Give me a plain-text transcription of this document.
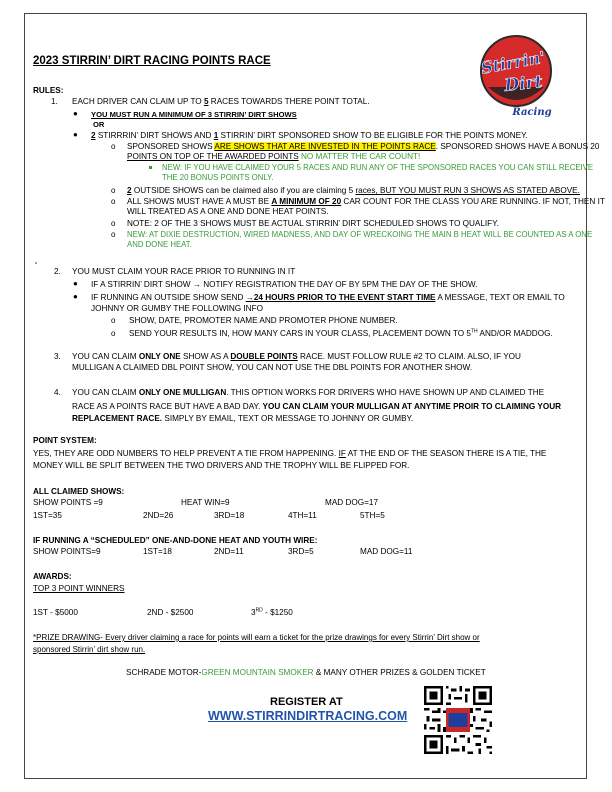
2023 STIRRIN’ DIRT RACING POINTS RACE	Stirrin'
Dirt
Racing
RULES:
1. EACH DRIVER CAN CLAIM UP TO 5 RACES TOWARDS THERE POINT TOTAL.
● YOU MUST RUN A MINIMUM OF 3 STIRRIN’ DIRT SHOWS
OR
● 2 STIRRRIN’ DIRT SHOWS AND 1 STIRRIN’ DIRT SPONSORED SHOW TO BE ELIGIBLE FOR THE POINTS MONEY.
o SPONSORED SHOWS ARE SHOWS THAT ARE INVESTED IN THE POINTS RACE. SPONSORED SHOWS HAVE A BONUS 20
POINTS ON TOP OF THE AWARDED POINTS NO MATTER THE CAR COUNT!
NEW: IF YOU HAVE CLAIMED YOUR 5 RACES AND RUN ANY OF THE SPONSORED RACES YOU CAN STILL RECEIVE
THE 20 BONUS POINTS ONLY.
o 2 OUTSIDE SHOWS can be claimed also if you are claiming 5 races, BUT YOU MUST RUN 3 SHOWS AS STATED ABOVE.
o ALL SHOWS MUST HAVE A MUST BE A MINIMUM OF 20 CAR COUNT FOR THE CLASS YOU ARE RUNNING. IF NOT, THEN IT
WILL TREATED AS A ONE AND DONE HEAT POINTS.
o NOTE: 2 OF THE 3 SHOWS MUST BE ACTUAL STIRRIN’ DIRT SCHEDULED SHOWS TO QUALIFY.
o NEW: AT DIXIE DESTRUCTION, WIRED MADNESS, AND DAY OF WRECKOING THE MAIN B HEAT WILL BE COUNTED AS A ONE
AND DONE HEAT.
s
2. YOU MUST CLAIM YOUR RACE PRIOR TO RUNNING IN IT
● IF A STIRRIN’ DIRT SHOW → NOTIFY REGISTRATION THE DAY OF BY 5PM THE DAY OF THE SHOW.
● IF RUNNING AN OUTSIDE SHOW SEND →24 HOURS PRIOR TO THE EVENT START TIME A MESSAGE, TEXT OR EMAIL TO
JOHNNY OR GUMBY THE FOLLOWING INFO
o SHOW, DATE, PROMOTER NAME AND PROMOTER PHONE NUMBER.
o SEND YOUR RESULTS IN, HOW MANY CARS IN YOUR CLASS, PLACEMENT DOWN TO 5TH AND/OR MADDOG.
3. YOU CAN CLAIM ONLY ONE SHOW AS A DOUBLE POINTS RACE. MUST FOLLOW RULE #2 TO CLAIM. ALSO, IF YOU
MULLIGAN A CLAIMED DBL POINT SHOW, YOU CAN NOT USE THE DBL POINTS FOR ANOTHER SHOW.
4. YOU CAN CLAIM ONLY ONE MULLIGAN. THIS OPTION WORKS FOR DRIVERS WHO HAVE SHOWN UP AND CLAIMED THE
RACE AS A POINTS RACE BUT HAVE A BAD DAY. YOU CAN CLAIM YOUR MULLIGAN AT ANYTIME PROIR TO CLAIMING YOUR
REPLACEMENT RACE. SIMPLY BY EMAIL, TEXT OR MESSAGE TO JOHNNY OR GUMBY.
POINT SYSTEM:
YES, THEY ARE ODD NUMBERS TO HELP PREVENT A TIE FROM HAPPENING. IF AT THE END OF THE SEASON THERE IS A TIE, THE
MONEY WILL BE SPLIT BETWEEN THE TWO DRIVERS AND THE TROPHY WILL BE FLIPPED FOR.
ALL CLAIMED SHOWS:
SHOW POINTS =9	HEAT WIN=9	MAD DOG=17
1ST=35	2ND=26	3RD=18	4TH=11	5TH=5
IF RUNNING A “SCHEDULED” ONE-AND-DONE HEAT AND YOUTH WIRE:
SHOW POINTS=9	1ST=18	2ND=11	3RD=5	MAD DOG=11
AWARDS:
TOP 3 POINT WINNERS
1ST - $5000	2ND - $2500	3RD - $1250
*PRIZE DRAWING- Every driver claiming a race for points will earn a ticket for the prize drawings for every Stirrin’ Dirt show or
sponsored Stirrin’ dirt show run.
SCHRADE MOTOR-GREEN MOUNTAIN SMOKER & MANY OTHER PRIZES & GOLDEN TICKET
REGISTER AT
WWW.STIRRINDIRTRACING.COM
